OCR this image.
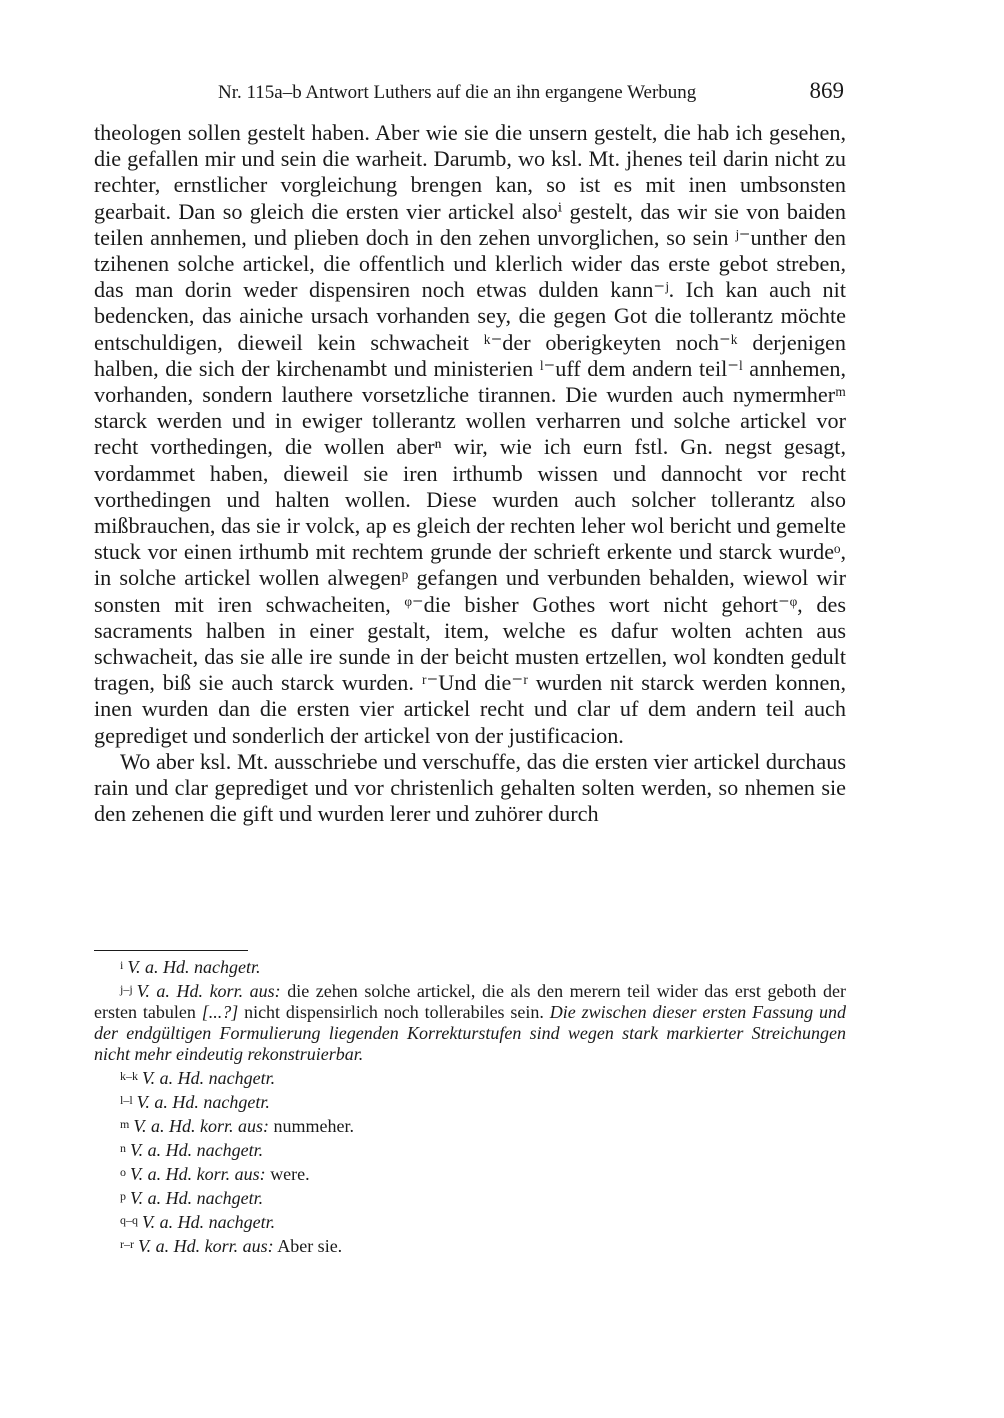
Nr. 115a–b Antwort Luthers auf die an ihn ergangene Werbung	869

theologen sollen gestelt haben. Aber wie sie die unsern gestelt, die hab ich gesehen, die gefallen mir und sein die warheit. Darumb, wo ksl. Mt. jhenes teil darin nicht zu rechter, ernstlicher vorgleichung brengen kan, so ist es mit inen umbsonsten gearbait. Dan so gleich die ersten vier artickel alsoⁱ gestelt, das wir sie von baiden teilen annhemen, und plieben doch in den zehen unvorglichen, so sein ʲ⁻unther den tzihenen solche artickel, die offentlich und klerlich wider das erste gebot streben, das man dorin weder dispensiren noch etwas dulden kann⁻ʲ. Ich kan auch nit bedencken, das ainiche ursach vorhanden sey, die gegen Got die tollerantz möchte entschuldigen, dieweil kein schwacheit ᵏ⁻der oberigkeyten noch⁻ᵏ derjenigen halben, die sich der kirchenambt und ministerien ˡ⁻uff dem andern teil⁻ˡ annhemen, vorhanden, sondern lauthere vorsetzliche tirannen. Die wurden auch nymermherᵐ starck werden und in ewiger tollerantz wollen verharren und solche artickel vor recht vorthedingen, die wollen aberⁿ wir, wie ich eurn fstl. Gn. negst gesagt, vordammet haben, dieweil sie iren irthumb wissen und dannocht vor recht vorthedingen und halten wollen. Diese wurden auch solcher tollerantz also mißbrauchen, das sie ir volck, ap es gleich der rechten leher wol bericht und gemelte stuck vor einen irthumb mit rechtem grunde der schrieft erkente und starck wurdeᵒ, in solche artickel wollen alwegenᵖ gefangen und verbunden behalden, wiewol wir sonsten mit iren schwacheiten, ᵠ⁻die bisher Gothes wort nicht gehort⁻ᵠ, des sacraments halben in einer gestalt, item, welche es dafur wolten achten aus schwacheit, das sie alle ire sunde in der beicht musten ertzellen, wol kondten gedult tragen, biß sie auch starck wurden. ʳ⁻Und die⁻ʳ wurden nit starck werden konnen, inen wurden dan die ersten vier artickel recht und clar uf dem andern teil auch geprediget und sonderlich der artickel von der justificacion.

Wo aber ksl. Mt. ausschriebe und verschuffe, das die ersten vier artickel durchaus rain und clar geprediget und vor christenlich gehalten solten werden, so nhemen sie den zehenen die gift und wurden lerer und zuhörer durch

$^i$ V. a. Hd. nachgetr.
$^{j-j}$ V. a. Hd. korr. aus: die zehen solche artickel, die als den merern teil wider das erst geboth der ersten tabulen [...?] nicht dispensirlich noch tollerabiles sein. Die zwischen dieser ersten Fassung und der endgültigen Formulierung liegenden Korrekturstufen sind wegen stark markierter Streichungen nicht mehr eindeutig rekonstruierbar.
$^{k-k}$ V. a. Hd. nachgetr.
$^{l-l}$ V. a. Hd. nachgetr.
$^m$ V. a. Hd. korr. aus: nummeher.
$^n$ V. a. Hd. nachgetr.
$^o$ V. a. Hd. korr. aus: were.
$^p$ V. a. Hd. nachgetr.
$^{q-q}$ V. a. Hd. nachgetr.
$^{r-r}$ V. a. Hd. korr. aus: Aber sie.
